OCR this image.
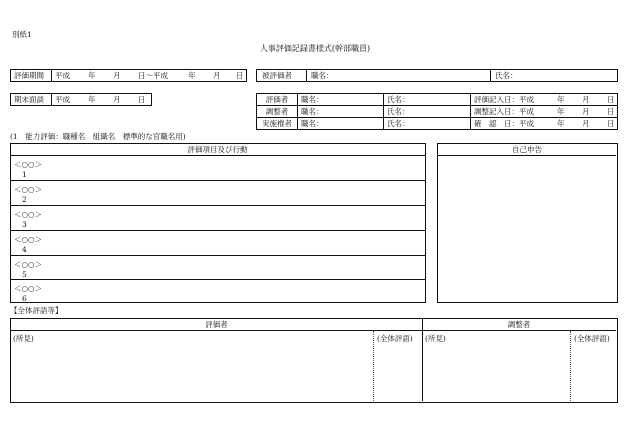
別紙1
人事評価記録書様式(幹部職員)
評価期間 平成 年 月 日～平成	年 月 日 被評価者	職名：	氏名：
期末面談 平成 年 月 日	評価者	職名：	氏名：	評価記入日：平成	年 月 日
調整者	職名：	氏名：	調整記入日：平成	年 月 日
実施権者	職名：	氏名：	確　認　日：平成	年 月 日
(1　能力評価：職種名　組織名　標準的な官職名用)
評価項目及び行動
＜○○＞
1
＜○○＞
2
＜○○＞
3
＜○○＞
4
＜○○＞
5
＜○○＞
6
自己申告
【全体評語等】
評価者	調整者
(所見)	(全体評語) (所見)	(全体評語)
